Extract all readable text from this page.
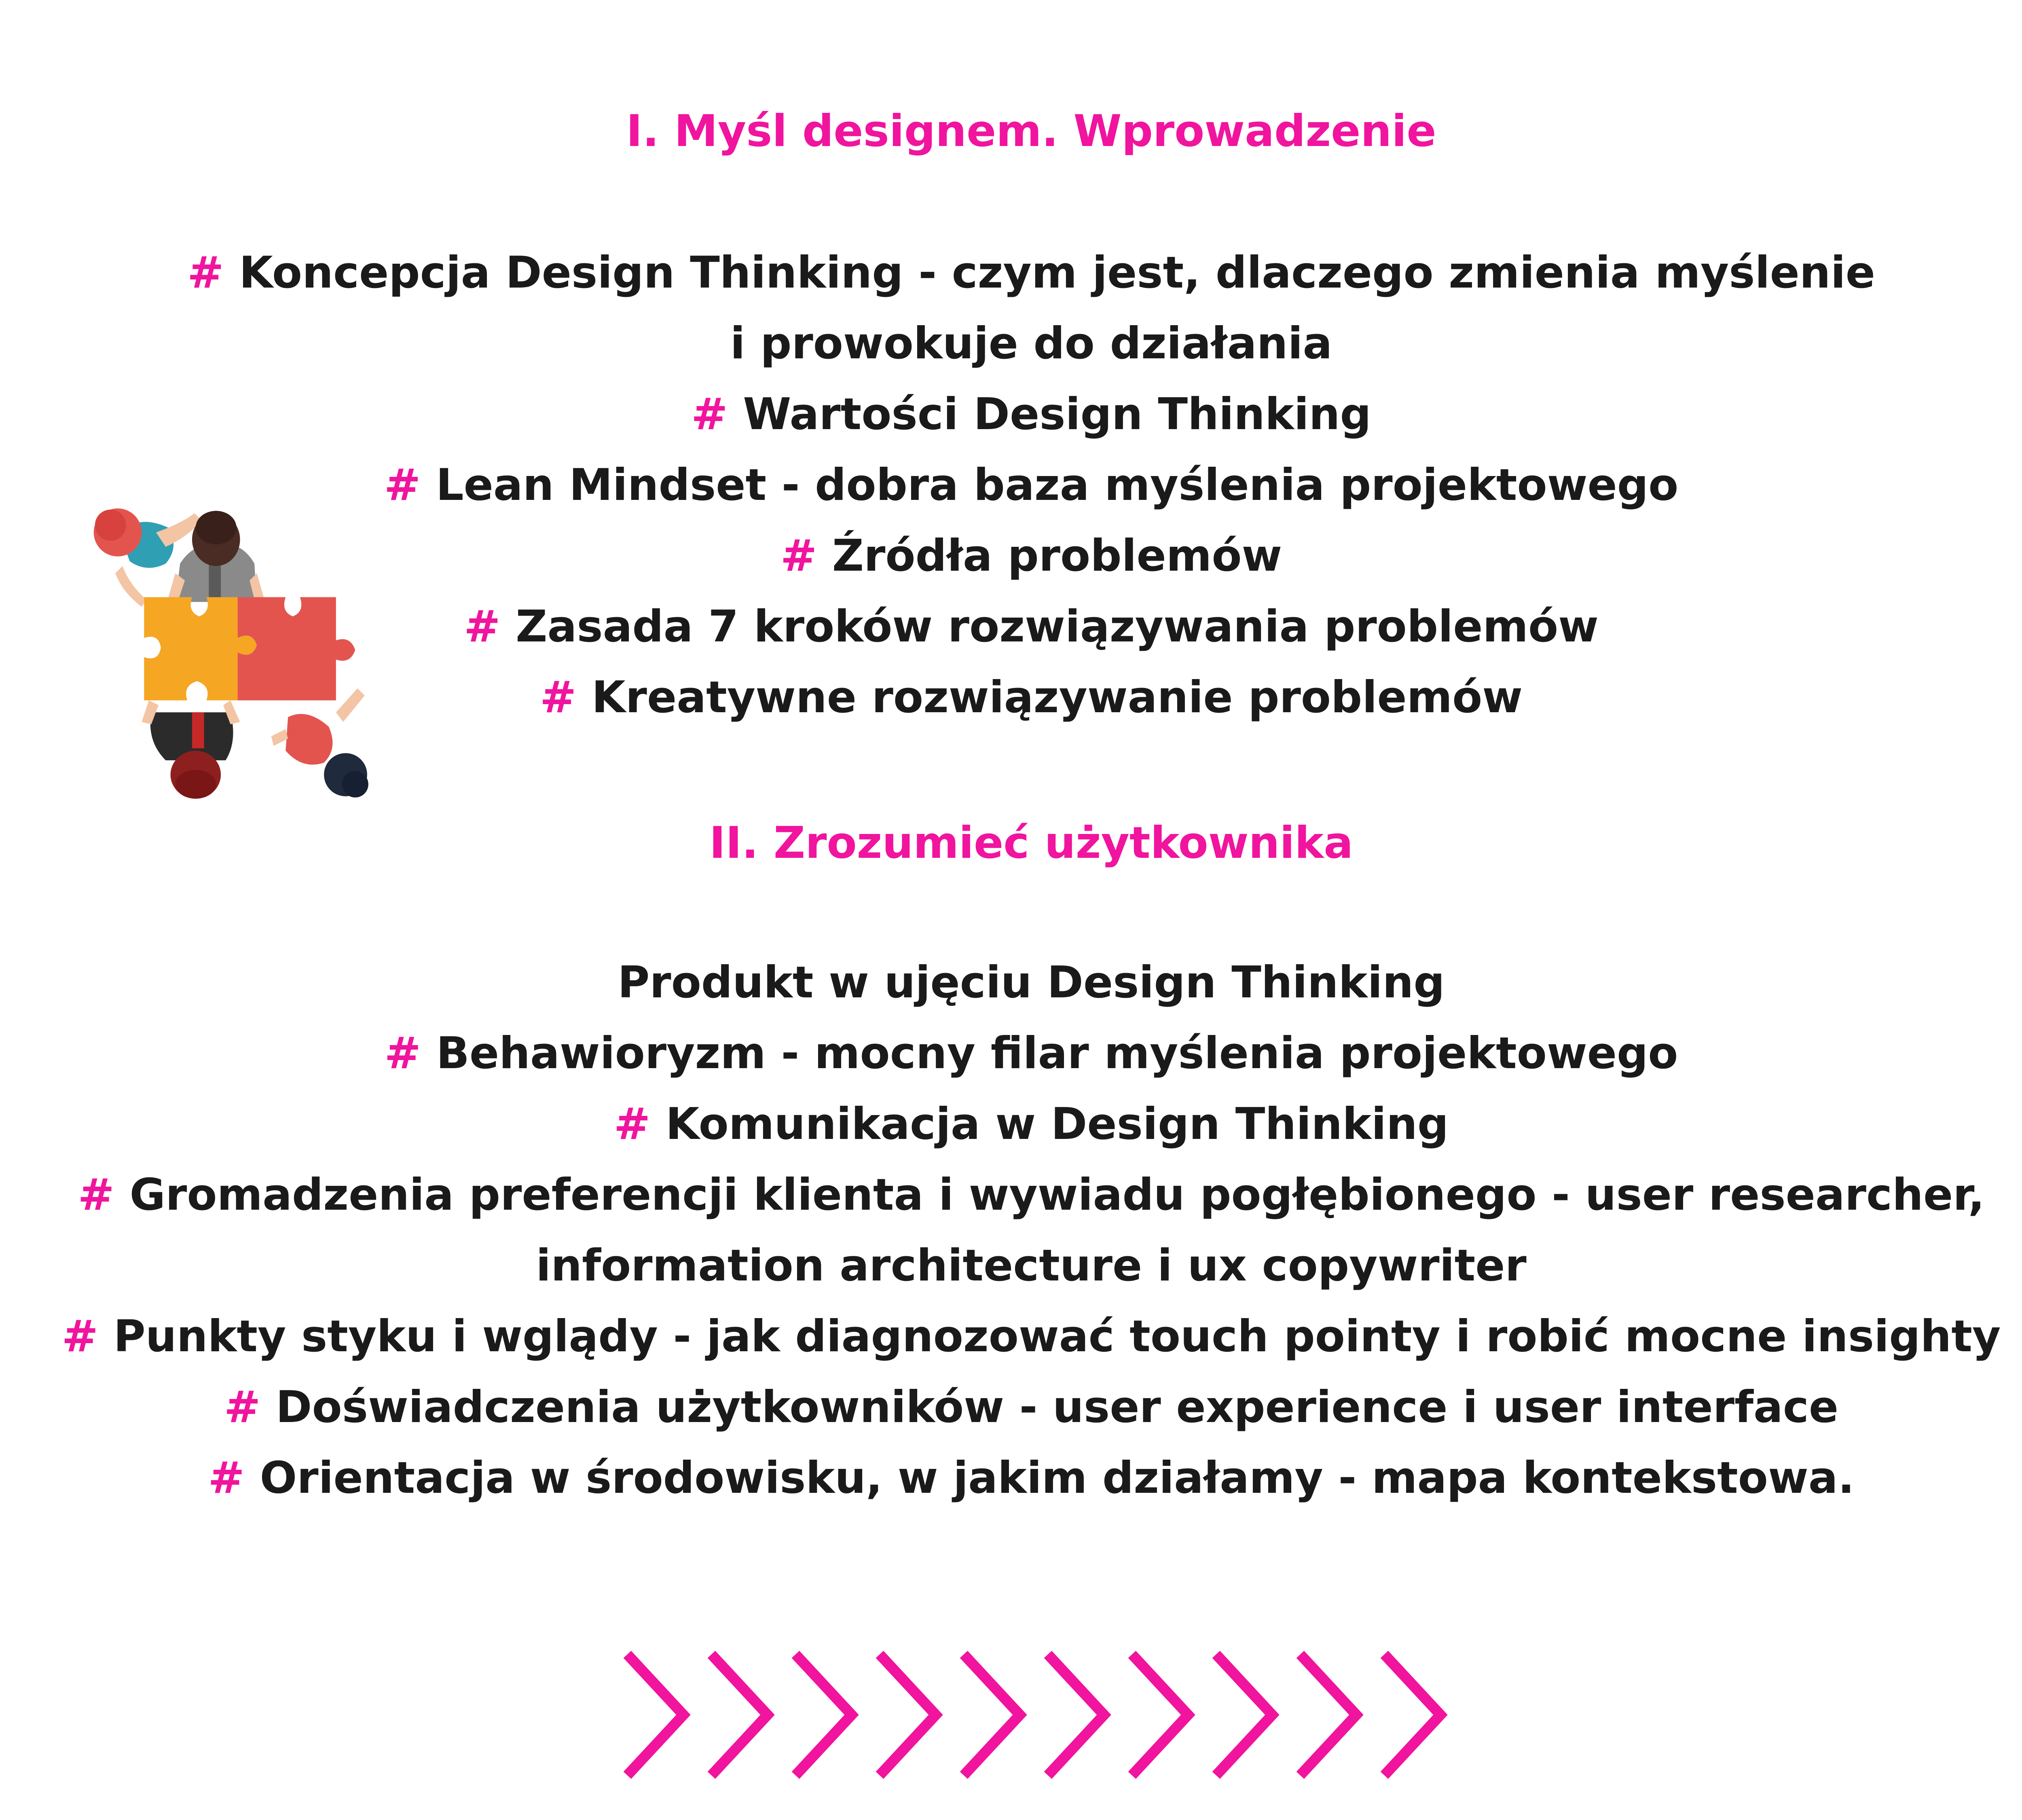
I. Myśl designem. Wprowadzenie
# Koncepcja Design Thinking - czym jest, dlaczego zmienia myślenie
i prowokuje do działania
# Wartości Design Thinking
# Lean Mindset - dobra baza myślenia projektowego
# Źródła problemów
# Zasada 7 kroków rozwiązywania problemów
# Kreatywne rozwiązywanie problemów
II. Zrozumieć użytkownika
Produkt w ujęciu Design Thinking
# Behawioryzm - mocny filar myślenia projektowego
# Komunikacja w Design Thinking
# Gromadzenia preferencji klienta i wywiadu pogłębionego - user researcher,
information architecture i ux copywriter
# Punkty styku i wglądy - jak diagnozować touch pointy i robić mocne insighty
# Doświadczenia użytkowników - user experience i user interface
# Orientacja w środowisku, w jakim działamy - mapa kontekstowa.
